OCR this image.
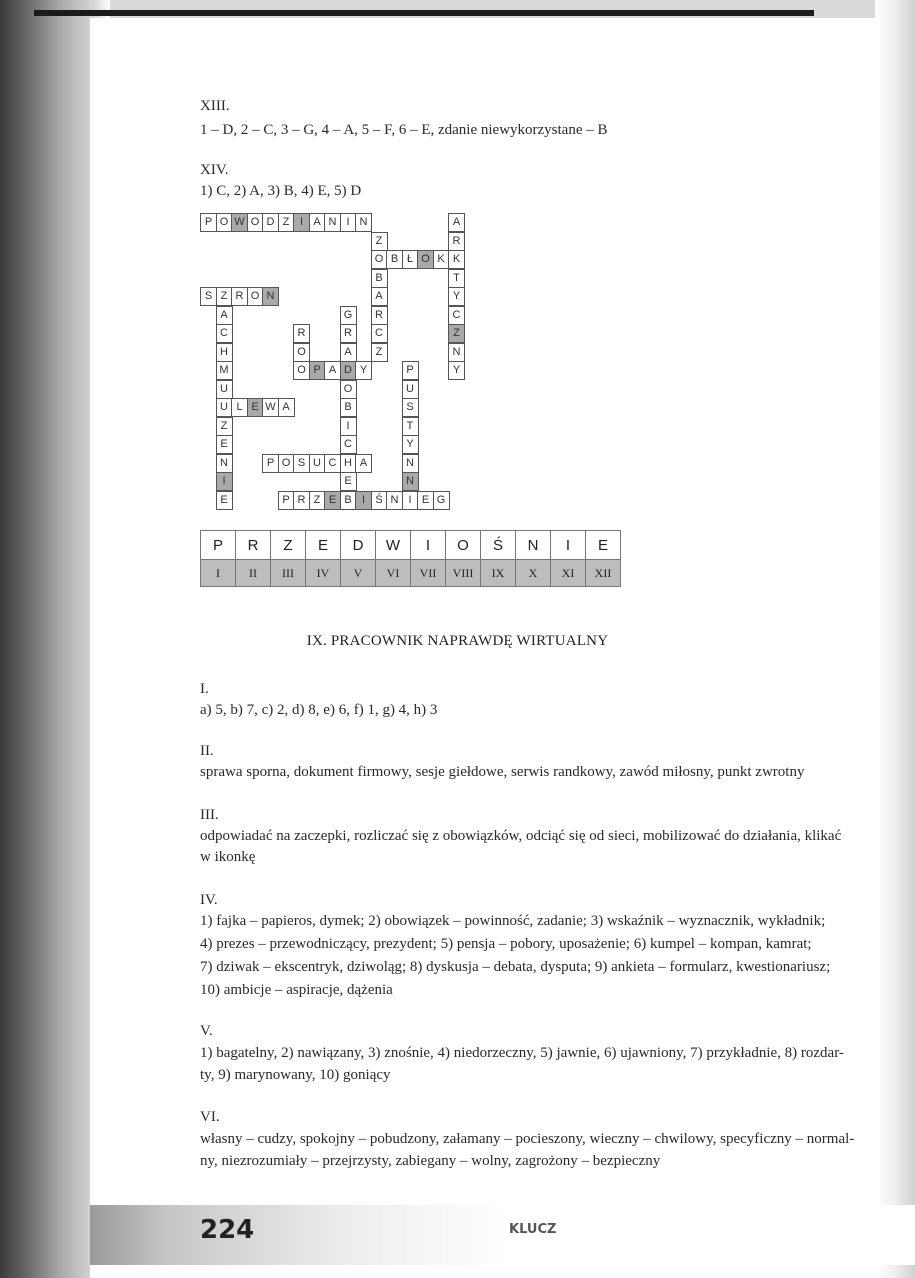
XIII.
1 – D, 2 – C, 3 – G, 4 – A, 5 – F, 6 – E, zdanie niewykorzystane – B
XIV.
1) C, 2) A, 3) B, 4) E, 5) D
P O W O D Z I A N I N
O B Ł O K
S Z R O N
O P A D Y
U L E W A
P O S U C H A
P R Z E B I Ś N I E G
A
R
K
T
Y
C
Z
N
Y
Z
B
A
R
C
Z
A
C
H
M
U
Z
E
N
I
E
G
R
A
O
B
I
C
E
R
O
P
U
S
T
Y
N
N
P	R	Z	E	D	W	I	O	Ś	N	I	E
I	II	III	IV	V	VI	VII	VIII	IX	X	XI	XII
IX. PRACOWNIK NAPRAWDĘ WIRTUALNY
I.
a) 5, b) 7, c) 2, d) 8, e) 6, f) 1, g) 4, h) 3
II.
sprawa sporna, dokument firmowy, sesje giełdowe, serwis randkowy, zawód miłosny, punkt zwrotny
III.
odpowiadać na zaczepki, rozliczać się z obowiązków, odciąć się od sieci, mobilizować do działania, klikać
w ikonkę
IV.
1) fajka – papieros, dymek; 2) obowiązek – powinność, zadanie; 3) wskaźnik – wyznacznik, wykładnik;
4) prezes – przewodniczący, prezydent; 5) pensja – pobory, uposażenie; 6) kumpel – kompan, kamrat;
7) dziwak – ekscentryk, dziwoląg; 8) dyskusja – debata, dysputa; 9) ankieta – formularz, kwestionariusz;
10) ambicje – aspiracje, dążenia
V.
1) bagatelny, 2) nawiązany, 3) znośnie, 4) niedorzeczny, 5) jawnie, 6) ujawniony, 7) przykładnie, 8) rozdar-
ty, 9) marynowany, 10) goniący
VI.
własny – cudzy, spokojny – pobudzony, załamany – pocieszony, wieczny – chwilowy, specyficzny – normal-
ny, niezrozumiały – przejrzysty, zabiegany – wolny, zagrożony – bezpieczny
224	KLUCZ
